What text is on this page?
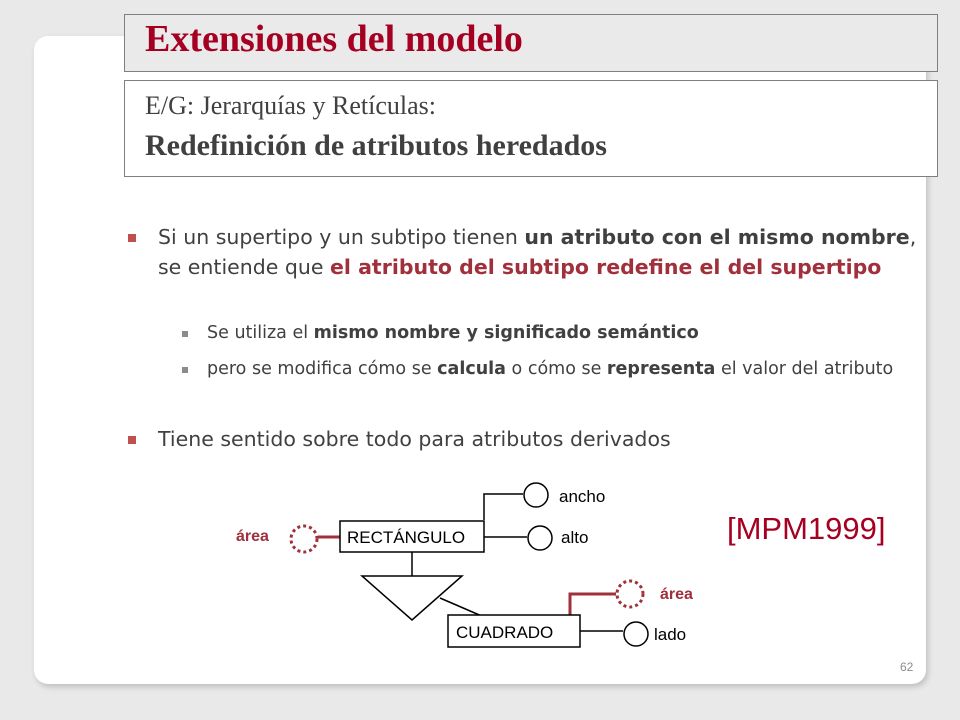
Extensiones del modelo
E/G: Jerarquías y Retículas:
Redefinición de atributos heredados
Si un supertipo y un subtipo tienen un atributo con el mismo nombre, se entiende que el atributo del subtipo redefine el del supertipo
Se utiliza el mismo nombre y significado semántico
pero se modifica cómo se calcula o cómo se representa el valor del atributo
Tiene sentido sobre todo para atributos derivados
RECTÁNGULO
CUADRADO
ancho
alto
lado
área
área
[MPM1999]
62
